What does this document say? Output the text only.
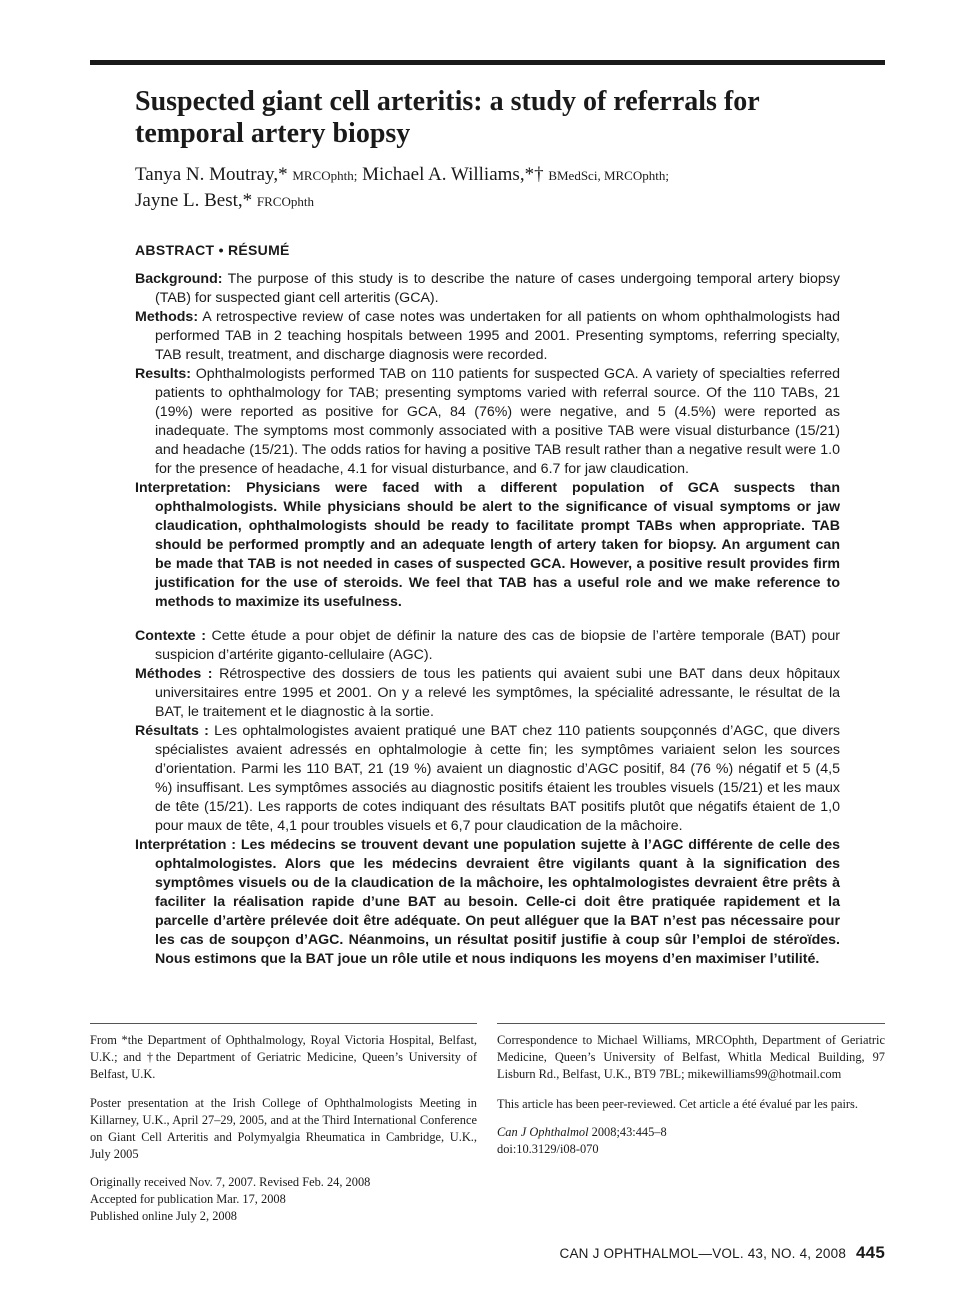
Suspected giant cell arteritis: a study of referrals for temporal artery biopsy
Tanya N. Moutray,* MRCOphth; Michael A. Williams,*† BMedSci, MRCOphth;
Jayne L. Best,* FRCOphth
ABSTRACT • RÉSUMÉ

Background: The purpose of this study is to describe the nature of cases undergoing temporal artery biopsy (TAB) for suspected giant cell arteritis (GCA).

Methods: A retrospective review of case notes was undertaken for all patients on whom ophthalmologists had performed TAB in 2 teaching hospitals between 1995 and 2001. Presenting symptoms, referring specialty, TAB result, treatment, and discharge diagnosis were recorded.

Results: Ophthalmologists performed TAB on 110 patients for suspected GCA. A variety of specialties referred patients to ophthalmology for TAB; presenting symptoms varied with referral source. Of the 110 TABs, 21 (19%) were reported as positive for GCA, 84 (76%) were negative, and 5 (4.5%) were reported as inadequate. The symptoms most commonly associated with a positive TAB were visual disturbance (15/21) and headache (15/21). The odds ratios for having a positive TAB result rather than a negative result were 1.0 for the presence of headache, 4.1 for visual disturbance, and 6.7 for jaw claudication.

Interpretation: Physicians were faced with a different population of GCA suspects than ophthalmologists. While physicians should be alert to the significance of visual symptoms or jaw claudication, ophthalmologists should be ready to facilitate prompt TABs when appropriate. TAB should be performed promptly and an adequate length of artery taken for biopsy. An argument can be made that TAB is not needed in cases of suspected GCA. However, a positive result provides firm justification for the use of steroids. We feel that TAB has a useful role and we make reference to methods to maximize its usefulness.

Contexte : Cette étude a pour objet de définir la nature des cas de biopsie de l’artère temporale (BAT) pour suspicion d’artérite giganto-cellulaire (AGC).

Méthodes : Rétrospective des dossiers de tous les patients qui avaient subi une BAT dans deux hôpitaux universitaires entre 1995 et 2001. On y a relevé les symptômes, la spécialité adressante, le résultat de la BAT, le traitement et le diagnostic à la sortie.

Résultats : Les ophtalmologistes avaient pratiqué une BAT chez 110 patients soupçonnés d’AGC, que divers spécialistes avaient adressés en ophtalmologie à cette fin; les symptômes variaient selon les sources d’orientation. Parmi les 110 BAT, 21 (19 %) avaient un diagnostic d’AGC positif, 84 (76 %) négatif et 5 (4,5 %) insuffisant. Les symptômes associés au diagnostic positifs étaient les troubles visuels (15/21) et les maux de tête (15/21). Les rapports de cotes indiquant des résultats BAT positifs plutôt que négatifs étaient de 1,0 pour maux de tête, 4,1 pour troubles visuels et 6,7 pour claudication de la mâchoire.

Interprétation : Les médecins se trouvent devant une population sujette à l’AGC différente de celle des ophtalmologistes. Alors que les médecins devraient être vigilants quant à la signification des symptômes visuels ou de la claudication de la mâchoire, les ophtalmologistes devraient être prêts à faciliter la réalisation rapide d’une BAT au besoin. Celle-ci doit être pratiquée rapidement et la parcelle d’artère prélevée doit être adéquate. On peut alléguer que la BAT n’est pas nécessaire pour les cas de soupçon d’AGC. Néanmoins, un résultat positif justifie à coup sûr l’emploi de stéroïdes. Nous estimons que la BAT joue un rôle utile et nous indiquons les moyens d’en maximiser l’utilité.

From *the Department of Ophthalmology, Royal Victoria Hospital, Belfast, U.K.; and †the Department of Geriatric Medicine, Queen’s University of Belfast, U.K.

Poster presentation at the Irish College of Ophthalmologists Meeting in Killarney, U.K., April 27–29, 2005, and at the Third International Conference on Giant Cell Arteritis and Polymyalgia Rheumatica in Cambridge, U.K., July 2005

Originally received Nov. 7, 2007. Revised Feb. 24, 2008
Accepted for publication Mar. 17, 2008
Published online July 2, 2008

Correspondence to Michael Williams, MRCOphth, Department of Geriatric Medicine, Queen’s University of Belfast, Whitla Medical Building, 97 Lisburn Rd., Belfast, U.K., BT9 7BL; mikewilliams99@hotmail.com

This article has been peer-reviewed. Cet article a été évalué par les pairs.

Can J Ophthalmol 2008;43:445–8
doi:10.3129/i08-070
CAN J OPHTHALMOL—VOL. 43, NO. 4, 2008 445
